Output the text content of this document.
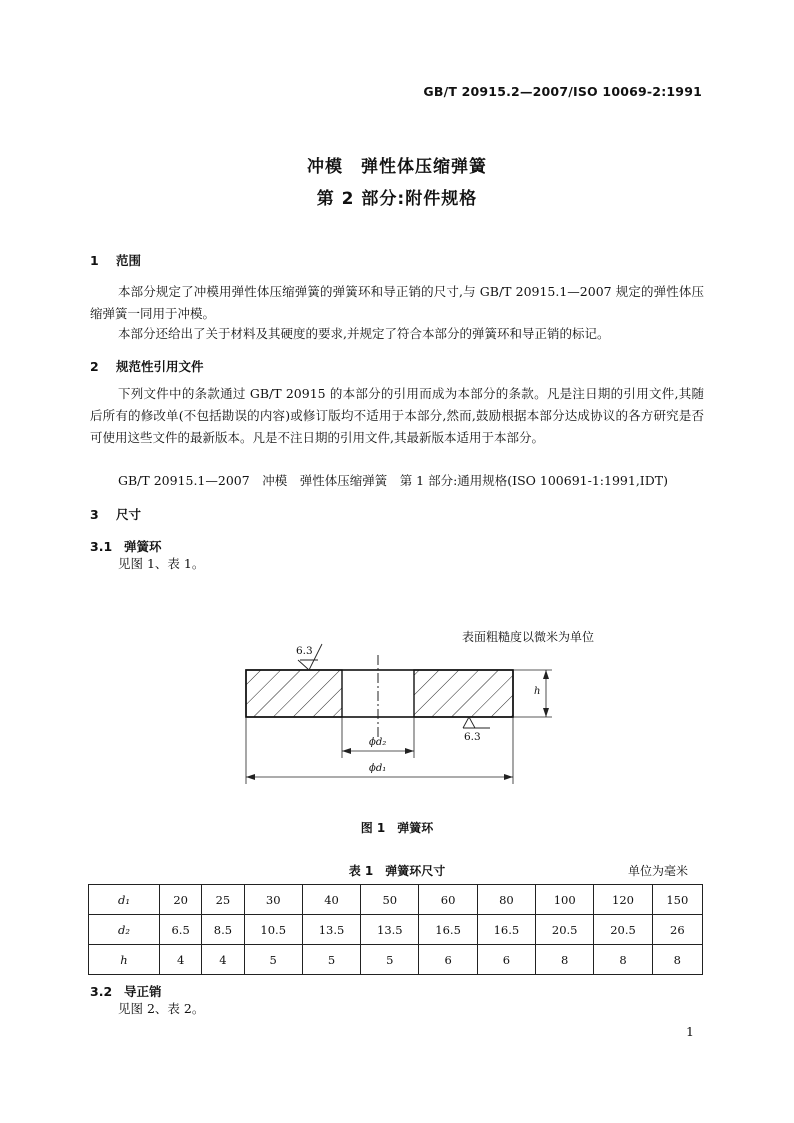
GB/T 20915.2—2007/ISO 10069-2:1991
冲模　弹性体压缩弹簧
第 2 部分:附件规格
1 范围

本部分规定了冲模用弹性体压缩弹簧的弹簧环和导正销的尺寸,与 GB/T 20915.1—2007 规定的弹性体压缩弹簧一同用于冲模。

本部分还给出了关于材料及其硬度的要求,并规定了符合本部分的弹簧环和导正销的标记。

2 规范性引用文件

下列文件中的条款通过 GB/T 20915 的本部分的引用而成为本部分的条款。凡是注日期的引用文件,其随后所有的修改单(不包括勘误的内容)或修订版均不适用于本部分,然而,鼓励根据本部分达成协议的各方研究是否可使用这些文件的最新版本。凡是不注日期的引用文件,其最新版本适用于本部分。

GB/T 20915.1—2007　冲模　弹性体压缩弹簧　第 1 部分:通用规格(ISO 100691-1:1991,IDT)
3 尺寸
3.1 弹簧环
见图 1、表 1。
表面粗糙度以微米为单位
6.3
6.3
h
ϕd₂
ϕd₁
图 1　弹簧环
表 1　弹簧环尺寸	单位为毫米
d₁	20	25	30	40	50	60	80	100	120	150
d₂	6.5	8.5	10.5	13.5	13.5	16.5	16.5	20.5	20.5	26
h	4	4	5	5	5	6	6	8	8	8
3.2 导正销
见图 2、表 2。
1
